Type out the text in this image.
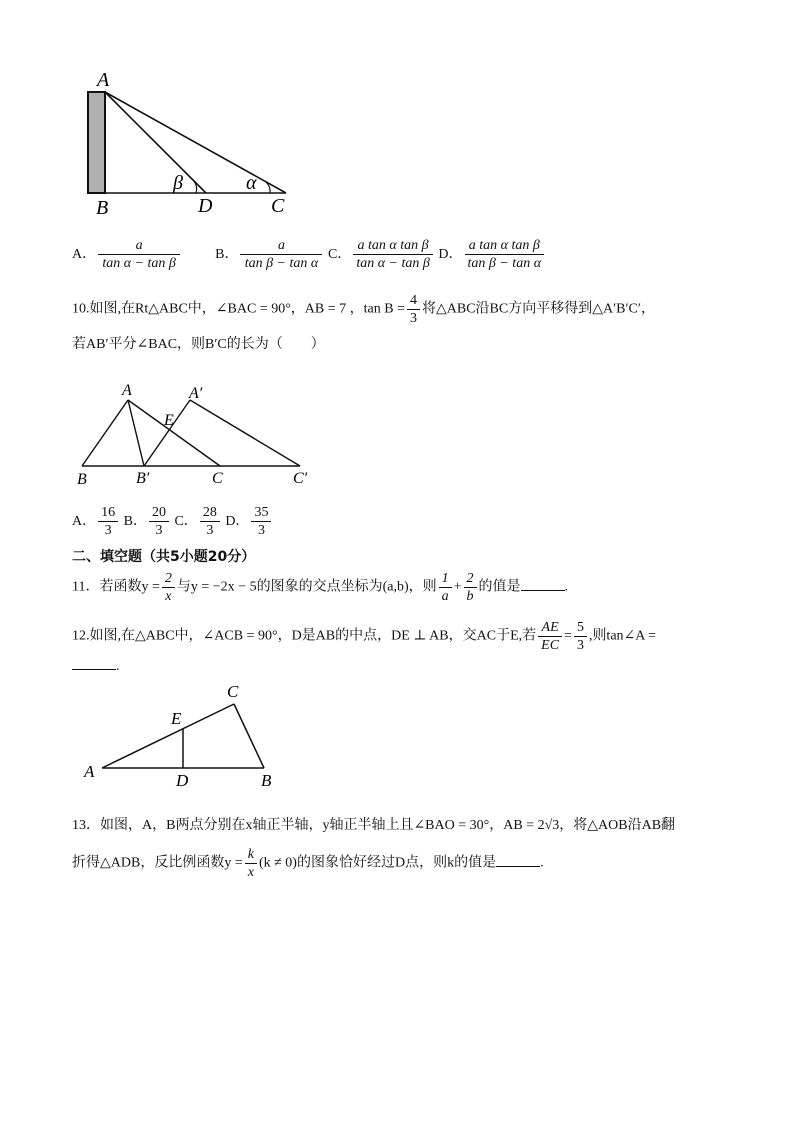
A
B	D	C
β	α
A． $\frac{a}{\text{tan α − tan β}}$	B． $\frac{a}{\text{tan β − tan α}}$ C． $\frac{\text{a tan α tan β}}{\text{tan α − tan β}}$ D． $\frac{\text{a tan α tan β}}{\text{tan β − tan α}}$
10.如图,在Rt△ABC中，∠BAC = 90°，AB = 7 ，$\tan B = \frac{4}{3}$ 将△ABC沿BC方向平移得到△A′B′C′，
若AB′平分∠BAC，则B′C的长为（　　）
A	A′
E
B	B′	C	C′
A． $\frac{16}{3}$ B． $\frac{20}{3}$ C． $\frac{28}{3}$ D． $\frac{35}{3}$
二、填空题（共5小题20分）
11．若函数$y = \frac{2}{x}$ 与y = −2x − 5的图象的交点坐标为(a,b)，则 $\frac{1}{a} + \frac{2}{b}$ 的值是	.
12.如图,在△ABC中，∠ACB = 90°，D是AB的中点，DE ⊥ AB，交AC于E,若 $\frac{AE}{EC} = \frac{5}{3}$ ,则tan∠A =
.
A	B
C
D
E
13．如图，A，B两点分别在x轴正半轴，y轴正半轴上且∠BAO = 30°，AB = 2√3，将△AOB沿AB翻
折得△ADB，反比例函数$y = \frac{k}{x} (k \ne 0)$的图象恰好经过D点，则k的值是	.
